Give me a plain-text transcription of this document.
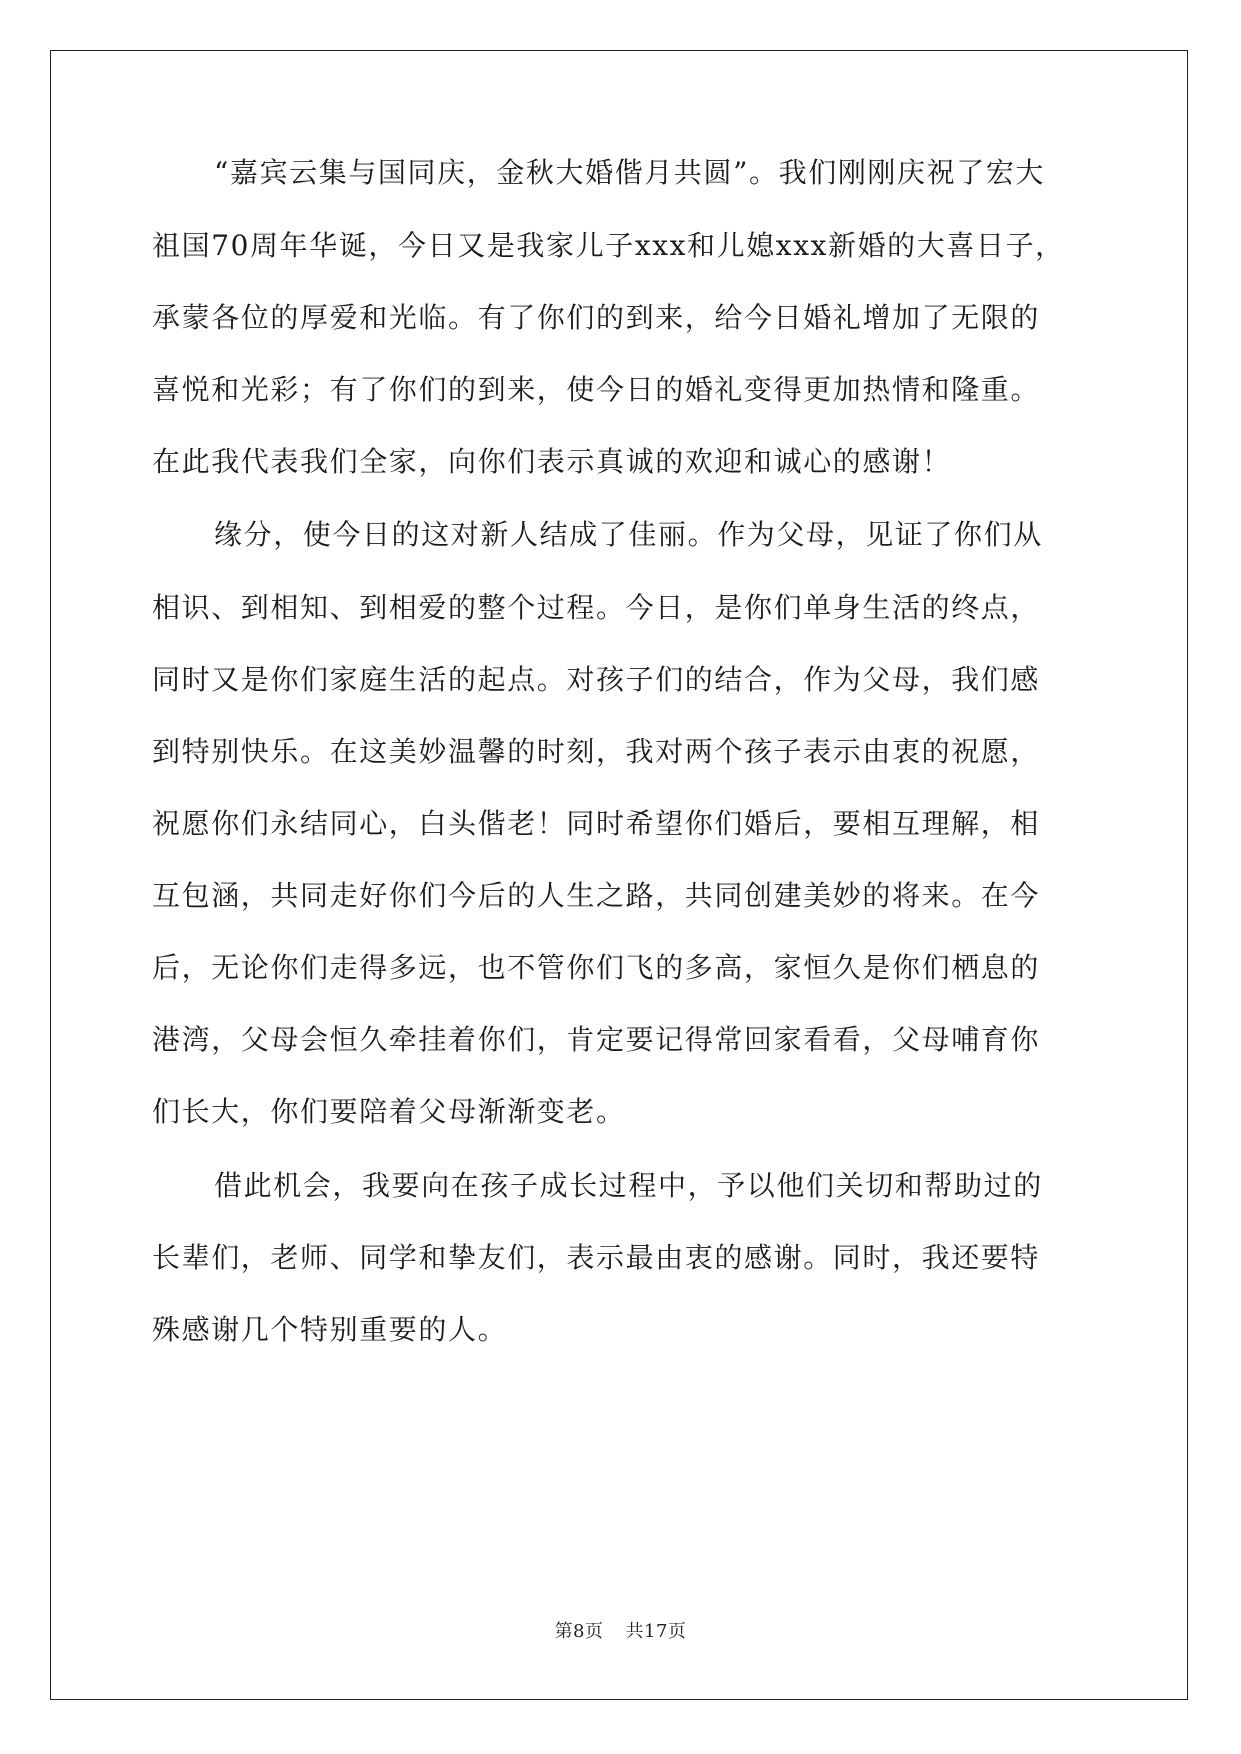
“嘉宾云集与国同庆，金秋大婚偕月共圆”。我们刚刚庆祝了宏大

祖国70周年华诞，今日又是我家儿子xxx和儿媳xxx新婚的大喜日子，

承蒙各位的厚爱和光临。有了你们的到来，给今日婚礼增加了无限的

喜悦和光彩；有了你们的到来，使今日的婚礼变得更加热情和隆重。

在此我代表我们全家，向你们表示真诚的欢迎和诚心的感谢！

缘分，使今日的这对新人结成了佳丽。作为父母，见证了你们从

相识、到相知、到相爱的整个过程。今日，是你们单身生活的终点，

同时又是你们家庭生活的起点。对孩子们的结合，作为父母，我们感

到特别快乐。在这美妙温馨的时刻，我对两个孩子表示由衷的祝愿，

祝愿你们永结同心，白头偕老！同时希望你们婚后，要相互理解，相

互包涵，共同走好你们今后的人生之路，共同创建美妙的将来。在今

后，无论你们走得多远，也不管你们飞的多高，家恒久是你们栖息的

港湾，父母会恒久牵挂着你们，肯定要记得常回家看看，父母哺育你

们长大，你们要陪着父母渐渐变老。

借此机会，我要向在孩子成长过程中，予以他们关切和帮助过的

长辈们，老师、同学和挚友们，表示最由衷的感谢。同时，我还要特

殊感谢几个特别重要的人。

第8页 共17页
